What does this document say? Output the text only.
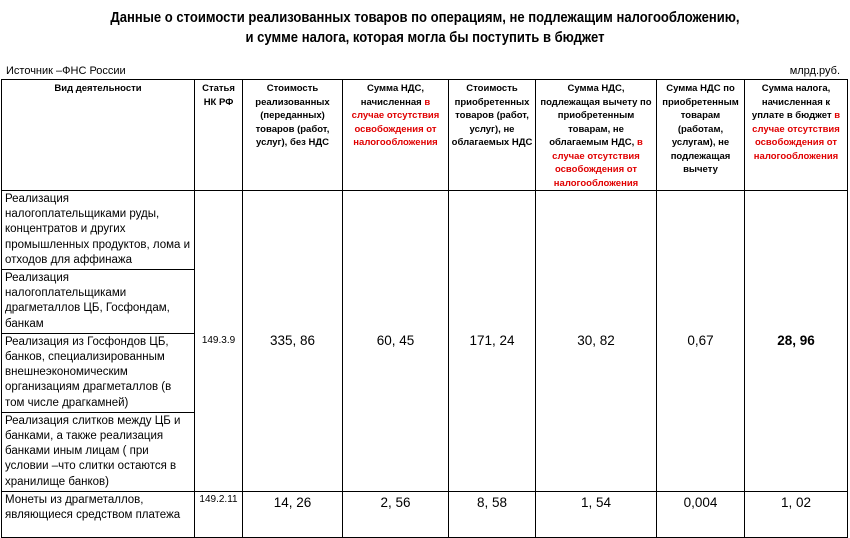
Данные о стоимости реализованных товаров по операциям, не подлежащим налогообложению,
и сумме налога, которая могла бы поступить в бюджет
Источник –ФНС России	млрд.руб.
Вид деятельности	Статья НК РФ	Стоимость реализованных (переданных) товаров (работ, услуг), без НДС	Сумма НДС, начисленная в случае отсутствия освобождения от налогообложения	Стоимость приобретенных товаров (работ, услуг), не облагаемых НДС	Сумма НДС, подлежащая вычету по приобретенным товарам, не облагаемым НДС, в случае отсутствия освобождения от налогообложения	Сумма НДС по приобретенным товарам (работам, услугам), не подлежащая вычету	Сумма налога, начисленная к уплате в бюджет в случае отсутствия освобождения от налогообложения
Реализация налогоплательщиками руды, концентратов и других промышленных продуктов, лома и отходов для аффинажа	149.3.9	335, 86	60, 45	171, 24	30, 82	0,67	28, 96
Реализация налогоплательщиками драгметаллов ЦБ, Госфондам, банкам							
Реализация из Госфондов ЦБ, банков, специализированным внешнеэкономическим организациям драгметаллов (в том числе драгкамней)							
Реализация слитков между ЦБ и банками, а также реализация банками иным лицам ( при условии –что слитки остаются в хранилище банков)							
Монеты из драгметаллов, являющиеся средством платежа	149.2.11	14, 26	2, 56	8, 58	1, 54	0,004	1, 02
